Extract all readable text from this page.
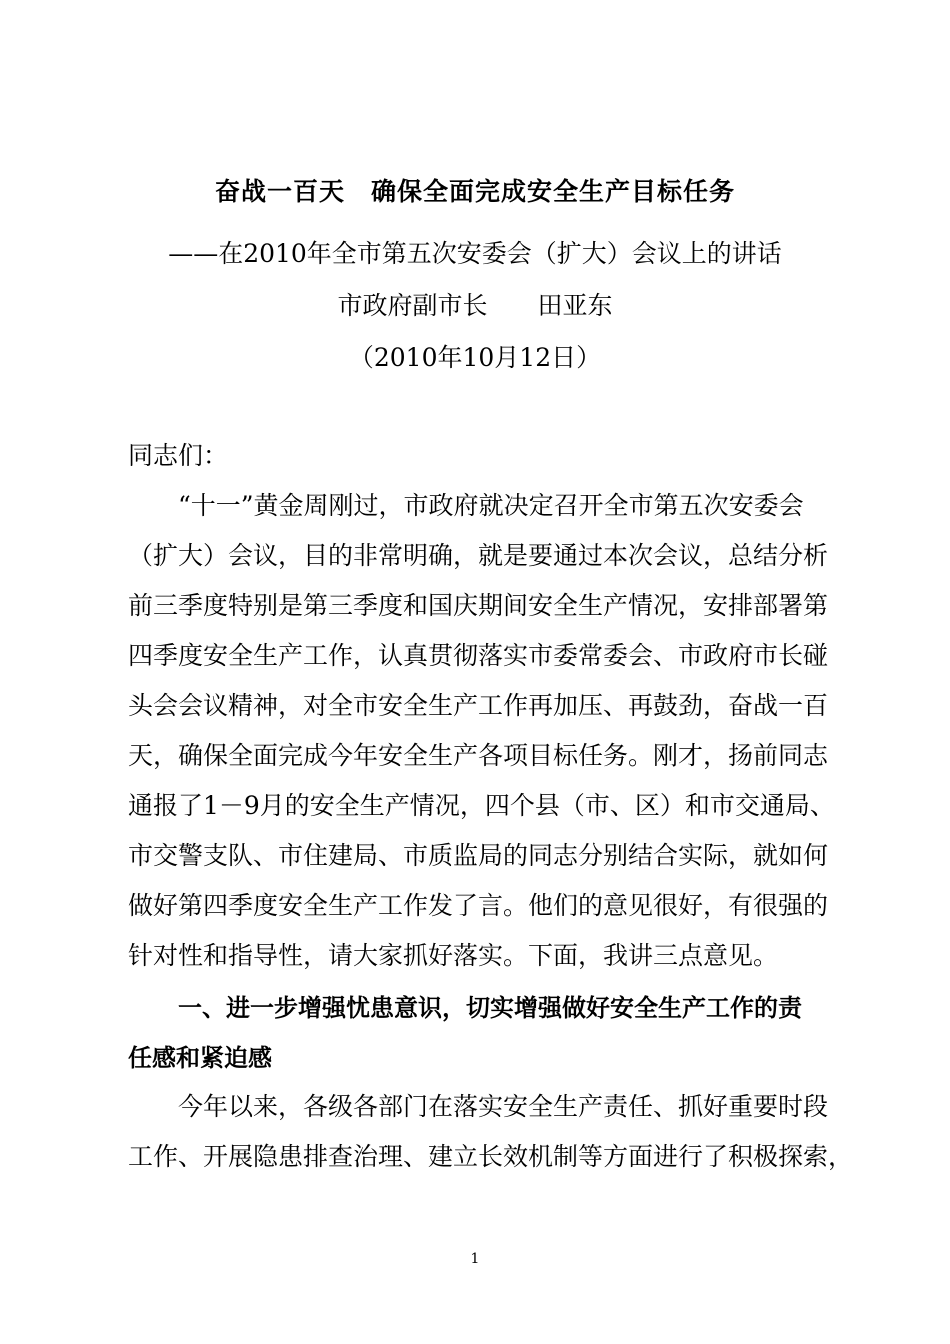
奋战一百天　确保全面完成安全生产目标任务
——在2010年全市第五次安委会（扩大）会议上的讲话
市政府副市长　　田亚东
（2010年10月12日）
同志们：
“十一”黄金周刚过，市政府就决定召开全市第五次安委会
（扩大）会议，目的非常明确，就是要通过本次会议，总结分析
前三季度特别是第三季度和国庆期间安全生产情况，安排部署第
四季度安全生产工作，认真贯彻落实市委常委会、市政府市长碰
头会会议精神，对全市安全生产工作再加压、再鼓劲，奋战一百
天，确保全面完成今年安全生产各项目标任务。刚才，扬前同志
通报了1－9月的安全生产情况，四个县（市、区）和市交通局、
市交警支队、市住建局、市质监局的同志分别结合实际，就如何
做好第四季度安全生产工作发了言。他们的意见很好，有很强的
针对性和指导性，请大家抓好落实。下面，我讲三点意见。
一、进一步增强忧患意识，切实增强做好安全生产工作的责
任感和紧迫感
今年以来，各级各部门在落实安全生产责任、抓好重要时段
工作、开展隐患排查治理、建立长效机制等方面进行了积极探索，
1
